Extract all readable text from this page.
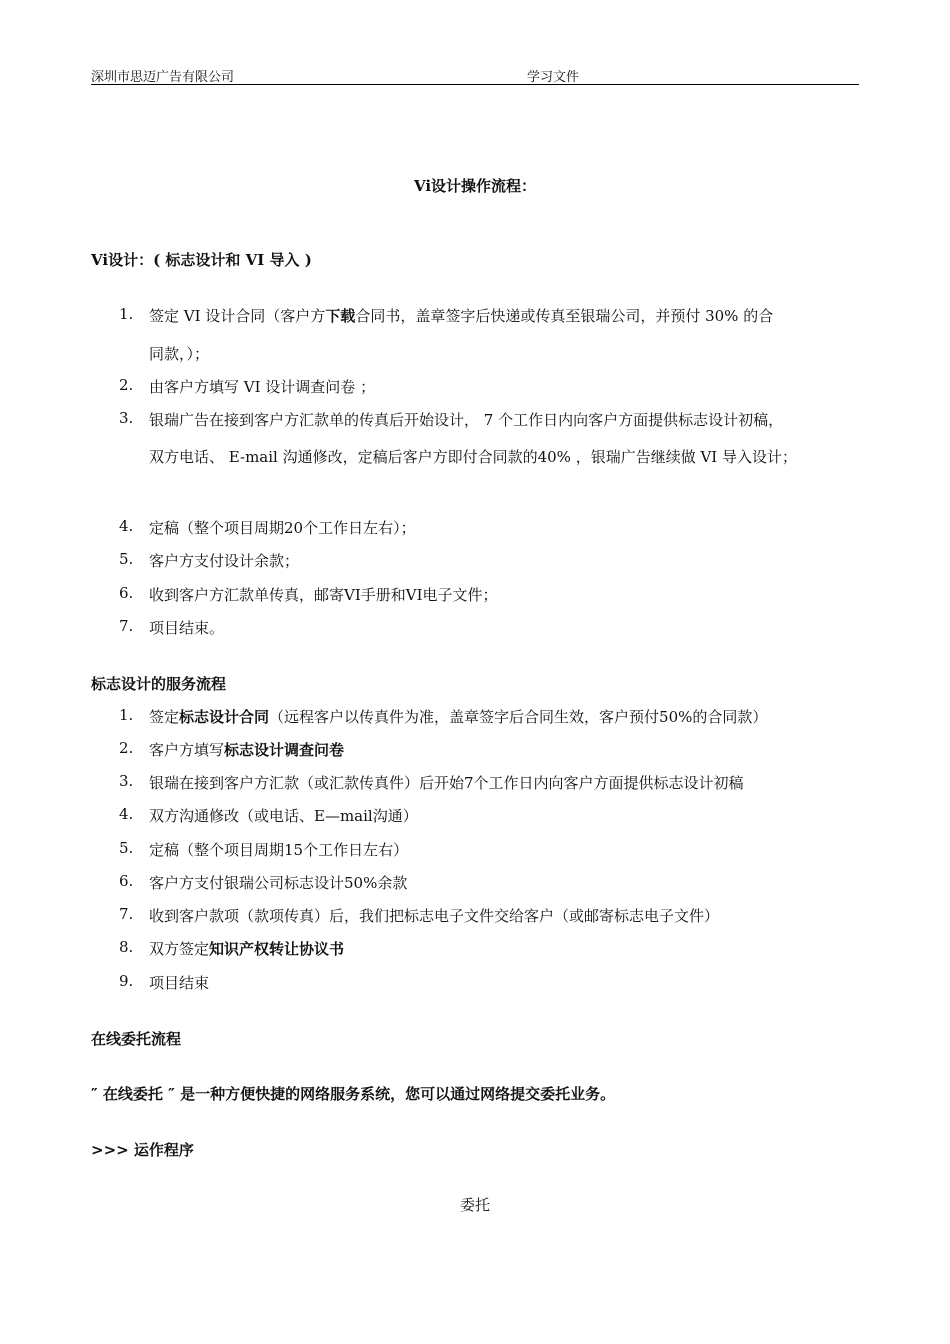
深圳市思迈广告有限公司	学习文件
Vi设计操作流程：
Vi设计：( 标志设计和 VI 导入 )
1.	签定 VI 设计合同（客户方下载合同书，盖章签字后快递或传真至银瑞公司，并预付 30% 的合
同款，）；
2.	由客户方填写 VI 设计调查问卷 ；
3.	银瑞广告在接到客户方汇款单的传真后开始设计， 7 个工作日内向客户方面提供标志设计初稿，
双方电话、 E-mail 沟通修改，定稿后客户方即付合同款的40% ，银瑞广告继续做 VI 导入设计；
4.	定稿（整个项目周期20个工作日左右）；
5.	客户方支付设计余款；
6.	收到客户方汇款单传真，邮寄VI手册和VI电子文件；
7.	项目结束。
标志设计的服务流程
1.	签定标志设计合同（远程客户以传真件为准，盖章签字后合同生效，客户预付50%的合同款）
2.	客户方填写标志设计调查问卷
3.	银瑞在接到客户方汇款（或汇款传真件）后开始7个工作日内向客户方面提供标志设计初稿
4.	双方沟通修改（或电话、E—mail沟通）
5.	定稿（整个项目周期15个工作日左右）
6.	客户方支付银瑞公司标志设计50%余款
7.	收到客户款项（款项传真）后，我们把标志电子文件交给客户（或邮寄标志电子文件）
8.	双方签定知识产权转让协议书
9.	项目结束
在线委托流程
″ 在线委托 ″ 是一种方便快捷的网络服务系统，您可以通过网络提交委托业务。
>>> 运作程序
委托
